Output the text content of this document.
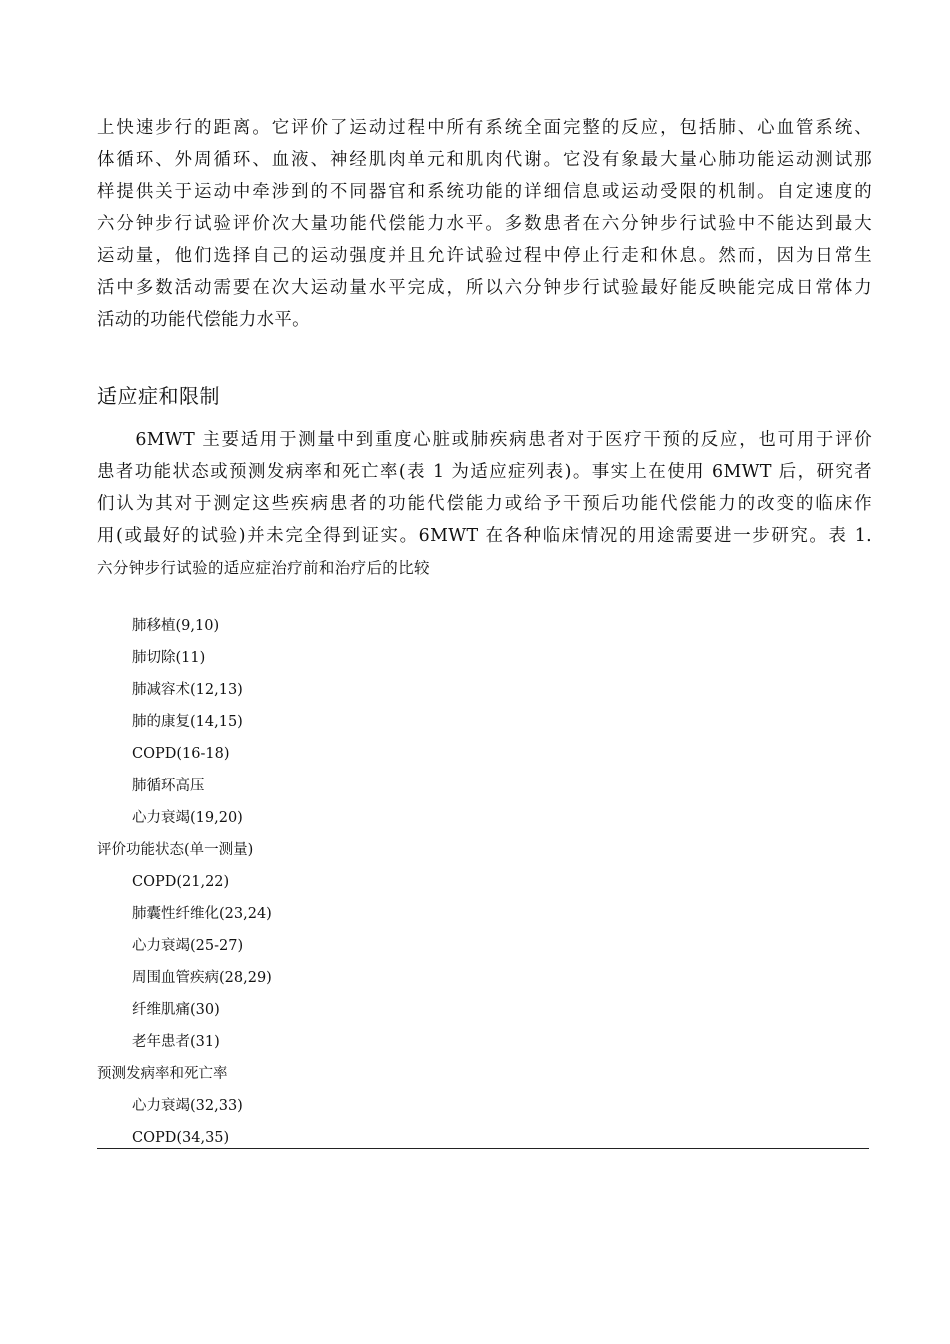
上快速步行的距离。它评价了运动过程中所有系统全面完整的反应，包括肺、心血管系统、
体循环、外周循环、血液、神经肌肉单元和肌肉代谢。它没有象最大量心肺功能运动测试那
样提供关于运动中牵涉到的不同器官和系统功能的详细信息或运动受限的机制。自定速度的
六分钟步行试验评价次大量功能代偿能力水平。多数患者在六分钟步行试验中不能达到最大
运动量，他们选择自己的运动强度并且允许试验过程中停止行走和休息。然而，因为日常生
活中多数活动需要在次大运动量水平完成，所以六分钟步行试验最好能反映能完成日常体力
活动的功能代偿能力水平。
适应症和限制
　　6MWT 主要适用于测量中到重度心脏或肺疾病患者对于医疗干预的反应，也可用于评价
患者功能状态或预测发病率和死亡率(表 1 为适应症列表)。事实上在使用 6MWT 后，研究者
们认为其对于测定这些疾病患者的功能代偿能力或给予干预后功能代偿能力的改变的临床作
用(或最好的试验)并未完全得到证实。6MWT 在各种临床情况的用途需要进一步研究。表 1.
六分钟步行试验的适应症治疗前和治疗后的比较
肺移植(9,10)
肺切除(11)
肺减容术(12,13)
肺的康复(14,15)
COPD(16-18)
肺循环高压
心力衰竭(19,20)
评价功能状态(单一测量)
COPD(21,22)
肺囊性纤维化(23,24)
心力衰竭(25-27)
周围血管疾病(28,29)
纤维肌痛(30)
老年患者(31)
预测发病率和死亡率
心力衰竭(32,33)
COPD(34,35)
